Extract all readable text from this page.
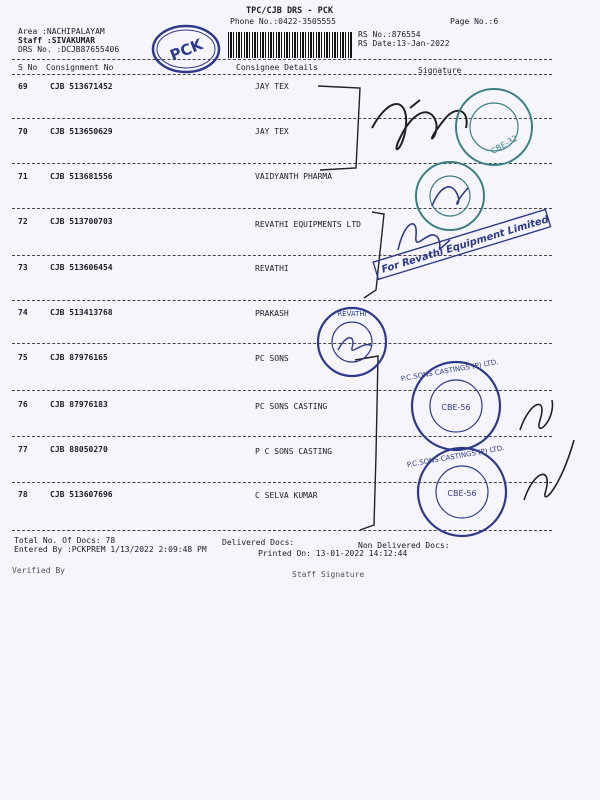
TPC/CJB DRS - PCK
Phone No.:0422-3505555	Page No.:6
Area :NACHIPALAYAM
Staff :SIVAKUMAR
DRS No. :DCJB87655406
RS No.:876554
RS Date:13-Jan-2022
S No Consignment No	Consignee Details	Signature
69	CJB 513671452	JAY TEX
70	CJB 513650629	JAY TEX
71	CJB 513681556	VAIDYANTH PHARMA
72	CJB 513700703	REVATHI EQUIPMENTS LTD
73	CJB 513606454	REVATHI
74	CJB 513413768	PRAKASH
75	CJB 87976165	PC SONS
76	CJB 87976183	PC SONS CASTING
77	CJB 88050270	P C SONS CASTING
78	CJB 513607696	C SELVA KUMAR
Total No. Of Docs: 78	Delivered Docs:	Non Delivered Docs:
Entered By :PCKPREM 1/13/2022 2:09:48 PM	Printed On: 13-01-2022 14:12:44
Verified By	Staff Signature
PCK
CBE-32
For Revathi Equipment Limited
REVATHI
CBE-56
P.C.SONS CASTINGS (P) LTD.
CBE-56
P.C.SONS CASTINGS (P) LTD.
